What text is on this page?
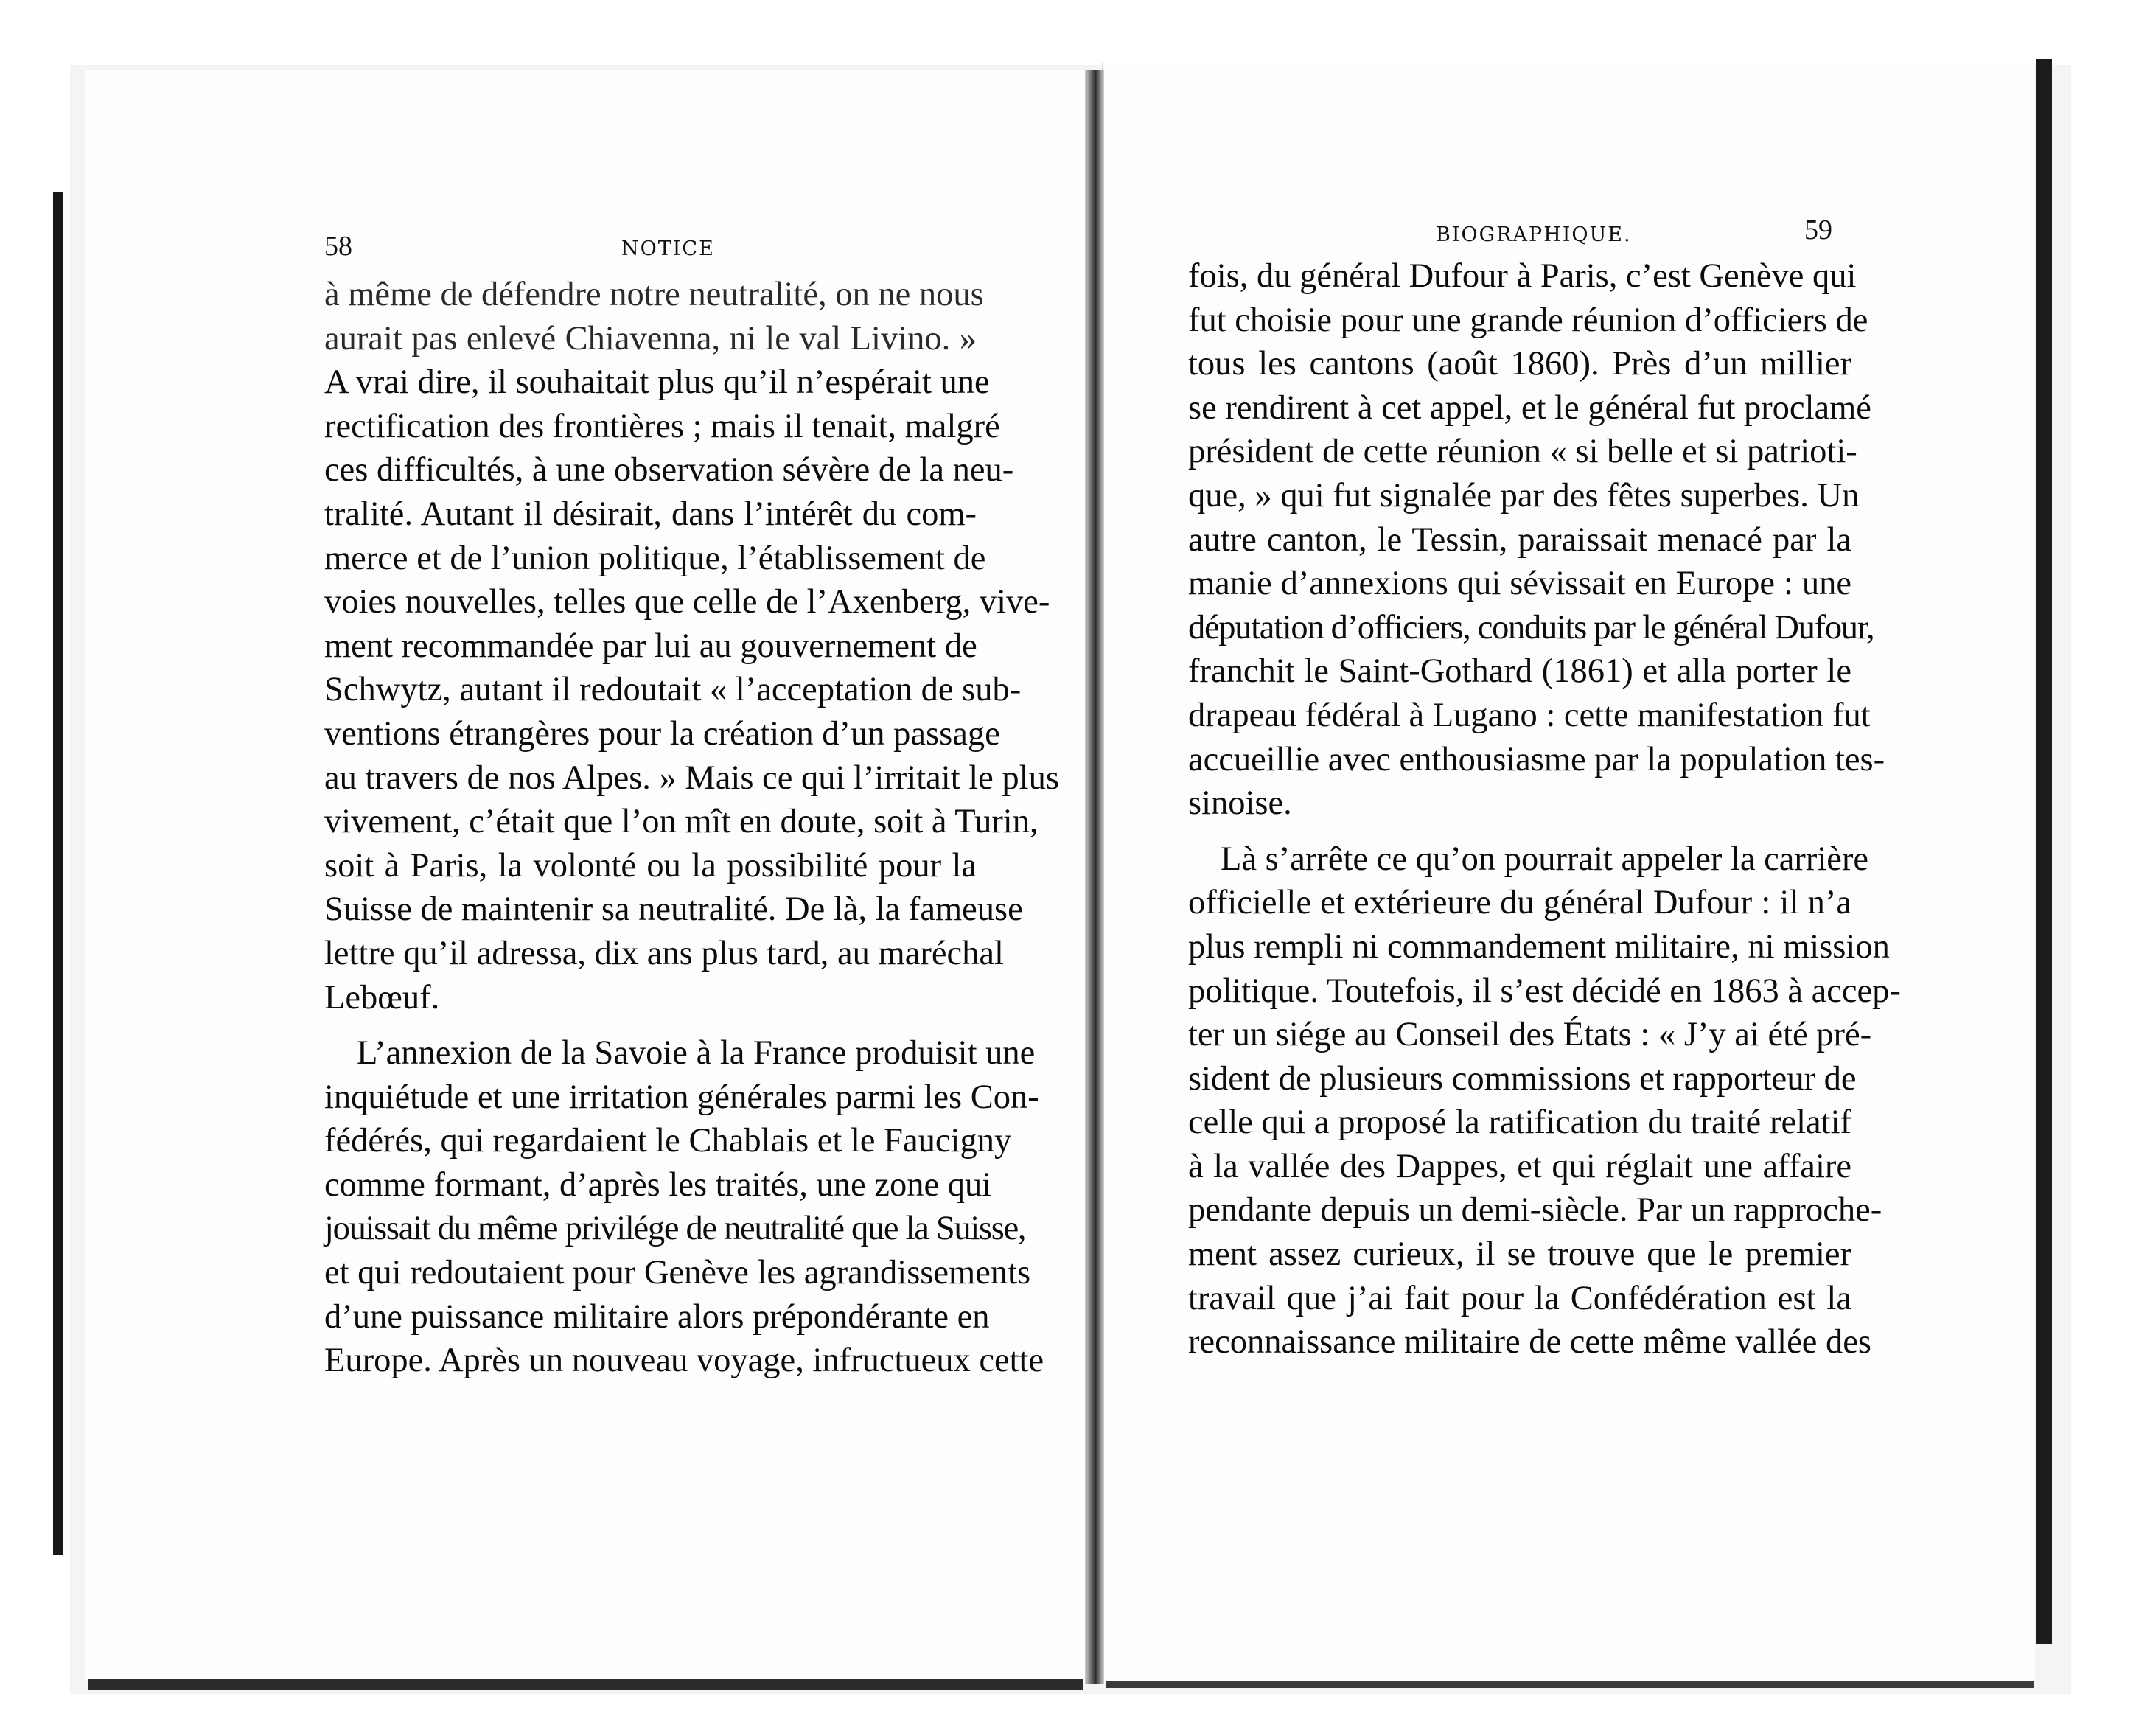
58	NOTICE
BIOGRAPHIQUE.	59
à même de défendre notre neutralité, on ne nous
aurait pas enlevé Chiavenna, ni le val Livino. »
A vrai dire, il souhaitait plus qu’il n’espérait une
rectification des frontières ; mais il tenait, malgré
ces difficultés, à une observation sévère de la neu-
tralité. Autant il désirait, dans l’intérêt du com-
merce et de l’union politique, l’établissement de
voies nouvelles, telles que celle de l’Axenberg, vive-
ment recommandée par lui au gouvernement de
Schwytz, autant il redoutait « l’acceptation de sub-
ventions étrangères pour la création d’un passage
au travers de nos Alpes. » Mais ce qui l’irritait le plus
vivement, c’était que l’on mît en doute, soit à Turin,
soit à Paris, la volonté ou la possibilité pour la
Suisse de maintenir sa neutralité. De là, la fameuse
lettre qu’il adressa, dix ans plus tard, au maréchal
Lebœuf.
L’annexion de la Savoie à la France produisit une
inquiétude et une irritation générales parmi les Con-
fédérés, qui regardaient le Chablais et le Faucigny
comme formant, d’après les traités, une zone qui
jouissait du même privilége de neutralité que la Suisse,
et qui redoutaient pour Genève les agrandissements
d’une puissance militaire alors prépondérante en
Europe. Après un nouveau voyage, infructueux cette
fois, du général Dufour à Paris, c’est Genève qui
fut choisie pour une grande réunion d’officiers de
tous les cantons (août 1860). Près d’un millier
se rendirent à cet appel, et le général fut proclamé
président de cette réunion « si belle et si patrioti-
que, » qui fut signalée par des fêtes superbes. Un
autre canton, le Tessin, paraissait menacé par la
manie d’annexions qui sévissait en Europe : une
députation d’officiers, conduits par le général Dufour,
franchit le Saint-Gothard (1861) et alla porter le
drapeau fédéral à Lugano : cette manifestation fut
accueillie avec enthousiasme par la population tes-
sinoise.
Là s’arrête ce qu’on pourrait appeler la carrière
officielle et extérieure du général Dufour : il n’a
plus rempli ni commandement militaire, ni mission
politique. Toutefois, il s’est décidé en 1863 à accep-
ter un siége au Conseil des États : « J’y ai été pré-
sident de plusieurs commissions et rapporteur de
celle qui a proposé la ratification du traité relatif
à la vallée des Dappes, et qui réglait une affaire
pendante depuis un demi-siècle. Par un rapproche-
ment assez curieux, il se trouve que le premier
travail que j’ai fait pour la Confédération est la
reconnaissance militaire de cette même vallée des
